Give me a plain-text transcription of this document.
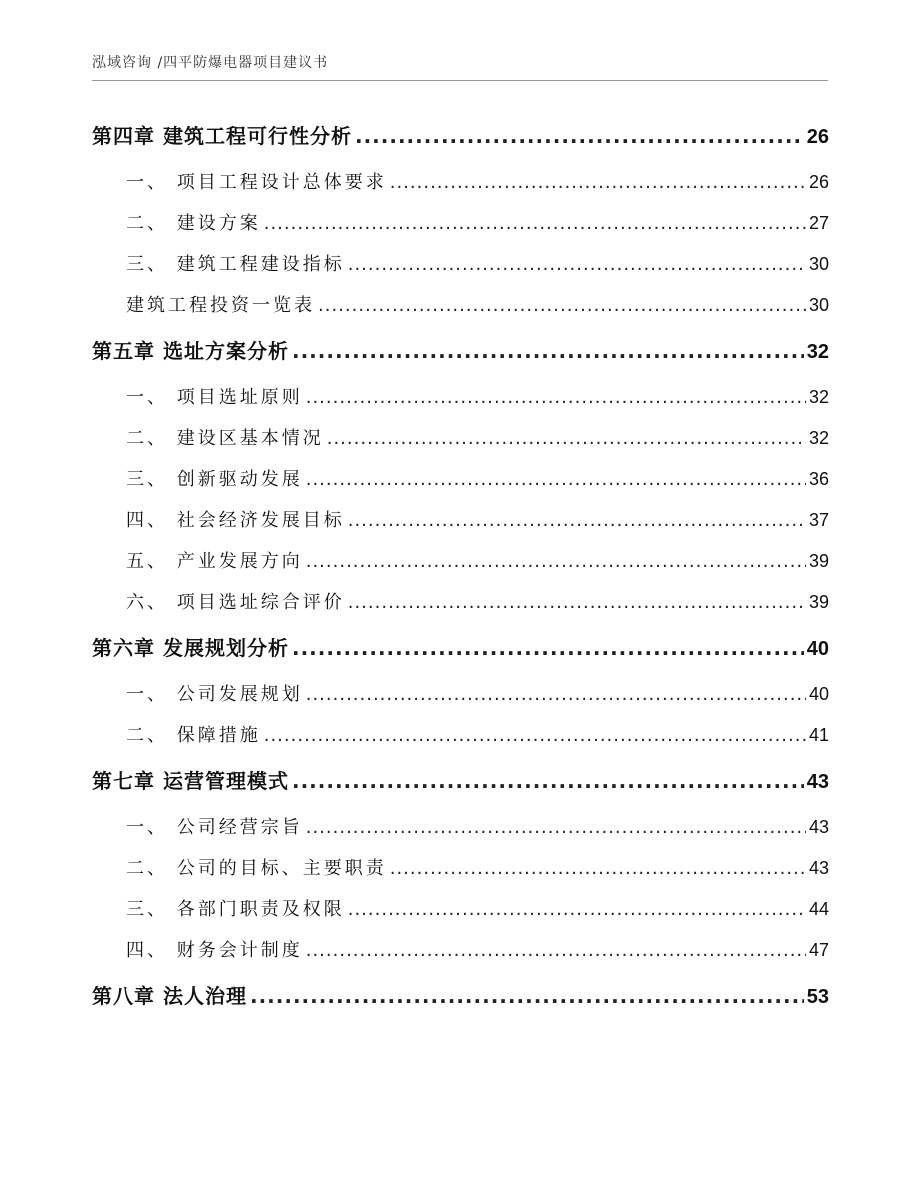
泓域咨询 /四平防爆电器项目建议书
第四章 建筑工程可行性分析 .....	26
一、 项目工程设计总体要求 .....	26
二、 建设方案 .....	27
三、 建筑工程建设指标 .....	30
建筑工程投资一览表 .....	30
第五章 选址方案分析 .....	32
一、 项目选址原则 .....	32
二、 建设区基本情况 .....	32
三、 创新驱动发展 .....	36
四、 社会经济发展目标 .....	37
五、 产业发展方向 .....	39
六、 项目选址综合评价 .....	39
第六章 发展规划分析 .....	40
一、 公司发展规划 .....	40
二、 保障措施 .....	41
第七章 运营管理模式 .....	43
一、 公司经营宗旨 .....	43
二、 公司的目标、主要职责 .....	43
三、 各部门职责及权限 .....	44
四、 财务会计制度 .....	47
第八章 法人治理 .....	53
